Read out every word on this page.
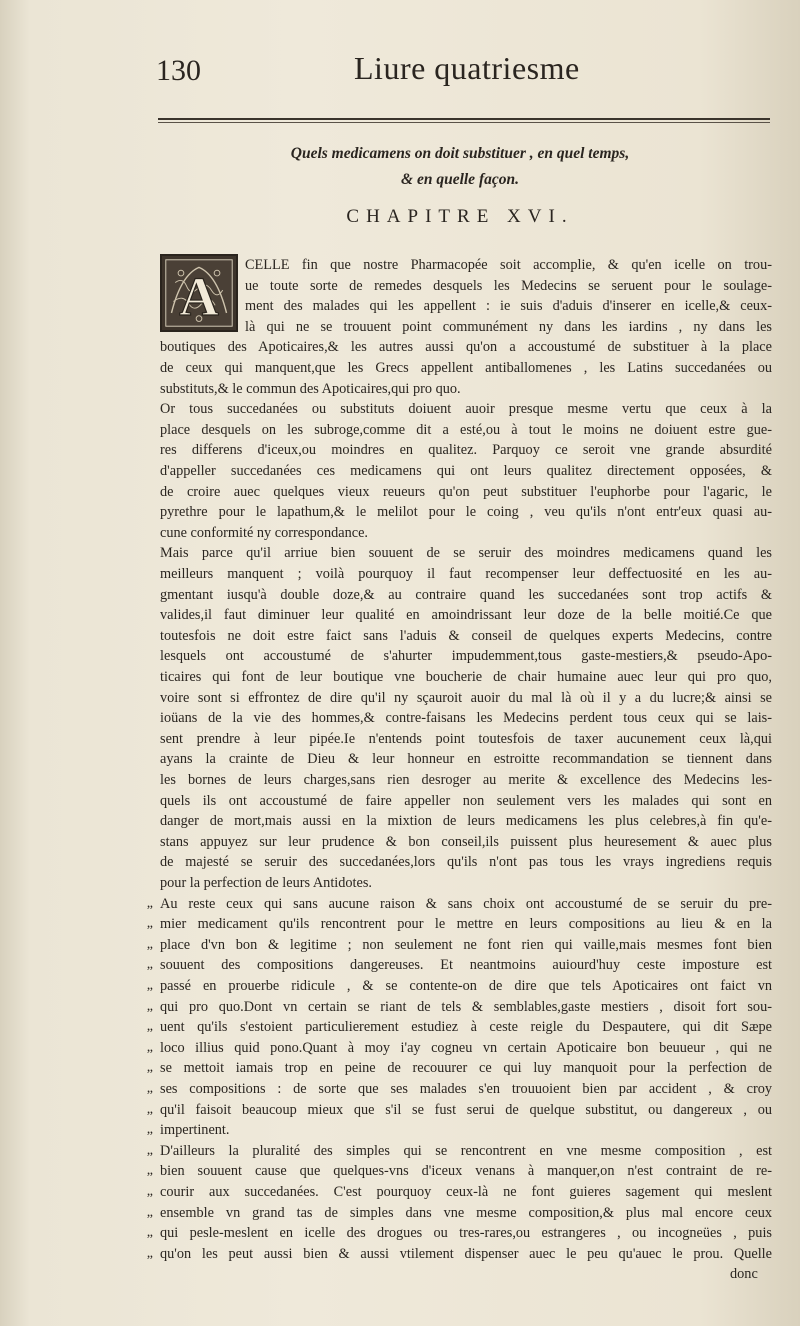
130	Liure quatriesme
Quels medicamens on doit substituer , en quel temps,
& en quelle façon.
CHAPITRE XVI.
A
CELLE fin que nostre Pharmacopée soit accomplie, & qu'en icelle on trou-
ue toute sorte de remedes desquels les Medecins se seruent pour le soulage-
ment des malades qui les appellent : ie suis d'aduis d'inserer en icelle,& ceux-
là qui ne se trouuent point communément ny dans les iardins , ny dans les
boutiques des Apoticaires,& les autres aussi qu'on a accoustumé de substituer à la place
de ceux qui manquent,que les Grecs appellent antiballomenes , les Latins succedanées ou
substituts,& le commun des Apoticaires,qui pro quo.
Or tous succedanées ou substituts doiuent auoir presque mesme vertu que ceux à la
place desquels on les subroge,comme dit a esté,ou à tout le moins ne doiuent estre gue-
res differens d'iceux,ou moindres en qualitez. Parquoy ce seroit vne grande absurdité
d'appeller succedanées ces medicamens qui ont leurs qualitez directement opposées, &
de croire auec quelques vieux reueurs qu'on peut substituer l'euphorbe pour l'agaric, le
pyrethre pour le lapathum,& le melilot pour le coing , veu qu'ils n'ont entr'eux quasi au-
cune conformité ny correspondance.
Mais parce qu'il arriue bien souuent de se seruir des moindres medicamens quand les
meilleurs manquent ; voilà pourquoy il faut recompenser leur deffectuosité en les au-
gmentant iusqu'à double doze,& au contraire quand les succedanées sont trop actifs &
valides,il faut diminuer leur qualité en amoindrissant leur doze de la belle moitié.Ce que
toutesfois ne doit estre faict sans l'aduis & conseil de quelques experts Medecins, contre
lesquels ont accoustumé de s'ahurter impudemment,tous gaste-mestiers,& pseudo-Apo-
ticaires qui font de leur boutique vne boucherie de chair humaine auec leur qui pro quo,
voire sont si effrontez de dire qu'il ny sçauroit auoir du mal là où il y a du lucre;& ainsi se
ioüans de la vie des hommes,& contre-faisans les Medecins perdent tous ceux qui se lais-
sent prendre à leur pipée.Ie n'entends point toutesfois de taxer aucunement ceux là,qui
ayans la crainte de Dieu & leur honneur en estroitte recommandation se tiennent dans
les bornes de leurs charges,sans rien desroger au merite & excellence des Medecins les-
quels ils ont accoustumé de faire appeller non seulement vers les malades qui sont en
danger de mort,mais aussi en la mixtion de leurs medicamens les plus celebres,à fin qu'e-
stans appuyez sur leur prudence & bon conseil,ils puissent plus heuresement & auec plus
de majesté se seruir des succedanées,lors qu'ils n'ont pas tous les vrays ingrediens requis
pour la perfection de leurs Antidotes.
Au reste ceux qui sans aucune raison & sans choix ont accoustumé de se seruir du pre-
„
mier medicament qu'ils rencontrent pour le mettre en leurs compositions au lieu & en la
„
place d'vn bon & legitime ; non seulement ne font rien qui vaille,mais mesmes font bien
„
souuent des compositions dangereuses. Et neantmoins auiourd'huy ceste imposture est
„
passé en prouerbe ridicule , & se contente-on de dire que tels Apoticaires ont faict vn
„
qui pro quo.Dont vn certain se riant de tels & semblables,gaste mestiers , disoit fort sou-
„
uent qu'ils s'estoient particulierement estudiez à ceste reigle du Despautere, qui dit Sæpe
„
loco illius quid pono.Quant à moy i'ay cogneu vn certain Apoticaire bon beuueur , qui ne
„
se mettoit iamais trop en peine de recouurer ce qui luy manquoit pour la perfection de
„
ses compositions : de sorte que ses malades s'en trouuoient bien par accident , & croy
„
qu'il faisoit beaucoup mieux que s'il se fust serui de quelque substitut, ou dangereux , ou
„
impertinent.
„
D'ailleurs la pluralité des simples qui se rencontrent en vne mesme composition , est
„
bien souuent cause que quelques-vns d'iceux venans à manquer,on n'est contraint de re-
„
courir aux succedanées. C'est pourquoy ceux-là ne font guieres sagement qui meslent
„
ensemble vn grand tas de simples dans vne mesme composition,& plus mal encore ceux
„
qui pesle-meslent en icelle des drogues ou tres-rares,ou estrangeres , ou incogneües , puis
„
qu'on les peut aussi bien & aussi vtilement dispenser auec le peu qu'auec le prou. Quelle
„
donc
